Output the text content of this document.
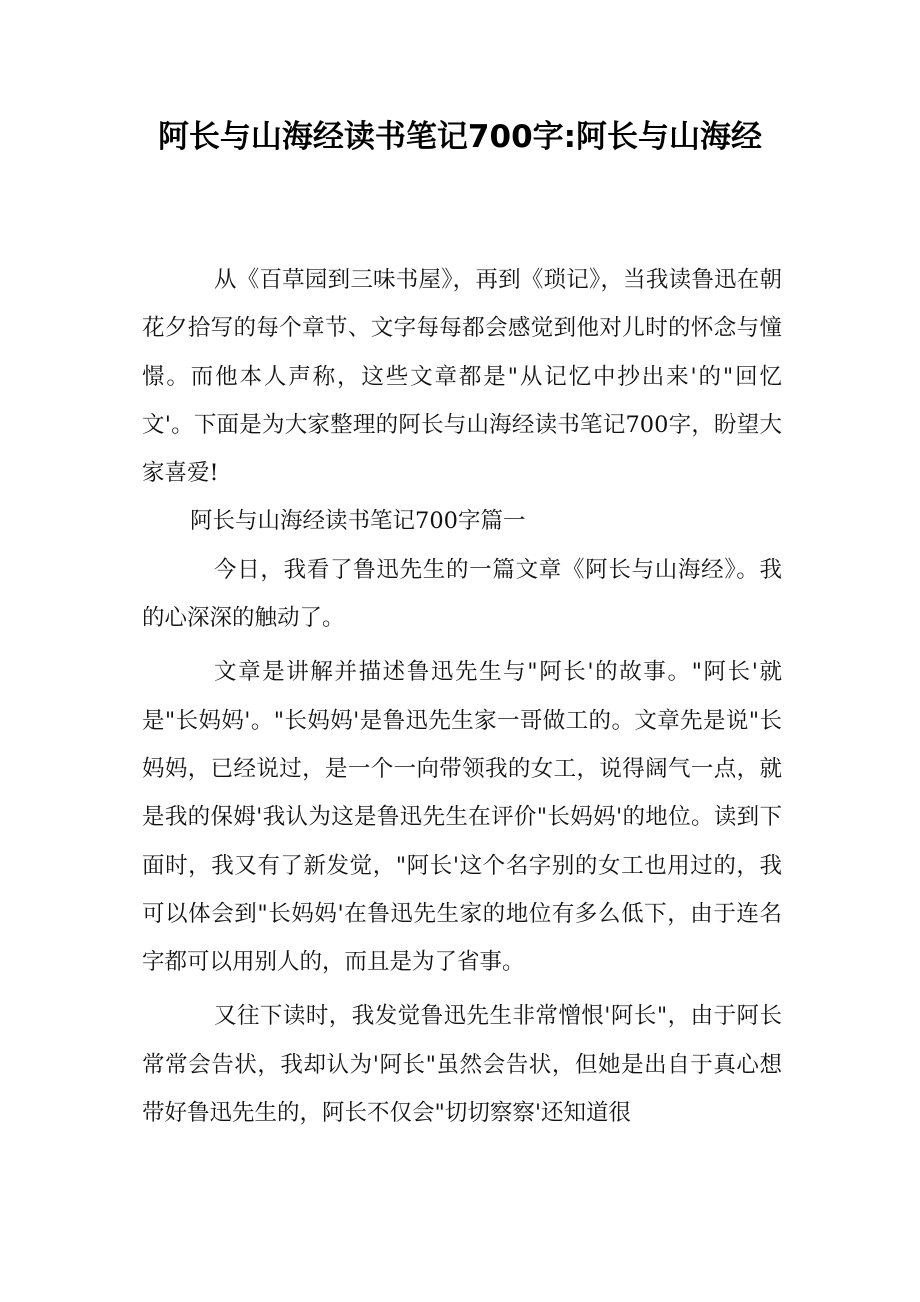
阿长与山海经读书笔记700字:阿长与山海经

从《百草园到三味书屋》，再到《琐记》，当我读鲁迅在朝花夕拾写的每个章节、文字每每都会感觉到他对儿时的怀念与憧憬。而他本人声称，这些文章都是"从记忆中抄出来'的"回忆文'。下面是为大家整理的阿长与山海经读书笔记700字，盼望大家喜爱!

阿长与山海经读书笔记700字篇一

今日，我看了鲁迅先生的一篇文章《阿长与山海经》。我的心深深的触动了。

文章是讲解并描述鲁迅先生与"阿长'的故事。"阿长'就是"长妈妈'。"长妈妈'是鲁迅先生家一哥做工的。文章先是说"长妈妈，已经说过，是一个一向带领我的女工，说得阔气一点，就是我的保姆'我认为这是鲁迅先生在评价"长妈妈'的地位。读到下面时，我又有了新发觉，"阿长'这个名字别的女工也用过的，我可以体会到"长妈妈'在鲁迅先生家的地位有多么低下，由于连名字都可以用别人的，而且是为了省事。

又往下读时，我发觉鲁迅先生非常憎恨'阿长"，由于阿长常常会告状，我却认为'阿长"虽然会告状，但她是出自于真心想带好鲁迅先生的，阿长不仅会"切切察察'还知道很
